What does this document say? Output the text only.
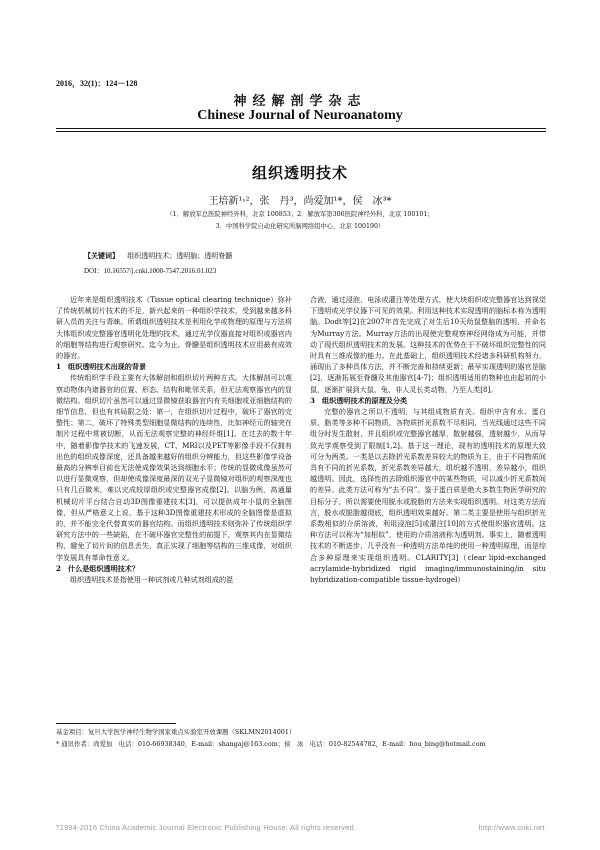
2016，32(1)：124－128
神经解剖学杂志
Chinese Journal of Neuroanatomy
组织透明技术
王培新¹˒²，张　丹³，尚爱加¹*，侯　冰³*
（1．解放军总医院神经外科，北京 100853；2．解放军第306医院神经外科，北京 100101；
3．中国科学院自动化研究所脑网络组中心，北京 100190）
【关键词】 组织透明技术；透明脑；透明脊髓
DOI：10.16557/j.cnki.1000-7547.2016.01.023

近年来是组织透明技术（Tissue optical clearing technique）弥补了传统机械切片技术的不足，新兴起来的一种组织学技术，受到越来越多科研人员的关注与青睐。所谓组织透明技术是利用化学或物理的原理与方法将大体组织或完整器官透明化处理的技术，通过光学仪器直接对组织或器官内的细胞等结构进行观察研究。迄今为止，脊髓是组织透明技术应用最有成效的器官。

1　组织透明技术出现的背景

传统组织学手段主要有大体解剖和组织切片两种方式。大体解剖可以观察动物体内诸器官的位置、形态、结构和毗邻关系，但无法观察器官内的显微结构。组织切片虽然可以通过显微镜获取器官内有关细胞或亚细胞结构的细节信息，但也有其局限之处：第一，在组织切片过程中，破坏了器官的完整性；第二，破坏了特殊类型细胞显微结构的连续性，比如神经元的轴突在制片过程中常被切断，从而无法观察完整的神经纤维[1]。在过去的数十年中，随着影像学技术的飞速发展，CT、MRI以及PET等影像手段不仅拥有出色的组织成像深度，还具备越来越好的组织分辨能力，但这些影像学设备最高的分辨率目前也无法使成像效果达到细胞水平；传统的显微成像虽然可以进行显微观察，但却使成像深度最深的双光子显微镜对组织的观察深度也只有几百微米，难以完成较厚组织或完整器官成像[2]。以脑为例，高通量机械切片平台结合自动3D图像重建技术[3]，可以提供成年小鼠的全脑图像，但从严格意义上说，基于这种3D图像重建技术形成的全脑图像是虚拟的，并不能完全代替真实的器官结构。而组织透明技术则弥补了传统组织学研究方法中的一些缺陷，在不破坏器官完整性的前提下，观察其内在显微结构，避免了切片间的信息丢失，真正实现了细胞等结构的三维成像，对组织学发展具有革命性意义。

2　什么是组织透明技术？

组织透明技术是指使用一种试剂或几种试剂组成的混

合液，通过浸泡、电泳或灌注等处理方式，使大块组织或完整器官达到视觉下透明或光学仪器下可见的效果。利用这种技术实现透明的脑标本称为透明脑。Dodt等[2]在2007年首先完成了对生后10天幼鼠整脑的透明，并命名为Murray方法。Murray方法的出现使完整观察神经网络成为可能，并带动了现代组织透明技术的发展。这种技术的优势在于不破坏组织完整性的同时具有三维成像的能力。在此基础上，组织透明技术经诸多科研机构努力，涌现出了多种具体方法，并不断完善和持续更新；最早实现透明的器官是脑[2]，逐渐拓展至脊髓及其他器官[4-7]；组织透明适用的物种也由起初的小鼠，逐渐扩展到大鼠、兔、非人灵长类动物，乃至人类[8]。

3　组织透明技术的原理及分类

完整的器官之所以不透明，与其组成物质有关。组织中含有水、蛋白质、脂类等多种不同物质，各物质折光系数不尽相同，当光线通过这些不同组分时发生散射，并且组织或完整器官越厚，散射越强，透射越少，从而导致光学观察受到了限制[1,2]。基于这一理论，现有的透明技术的原理大致可分为两类。一类是以去除折光系数差异较大的物质为主，由于不同物质间具有不同的折光系数，折光系数差异越大，组织越不透明，差异越小，组织越透明。因此，选择性的去除组织器官中的某些物质，可以减少折光系数间的差异。此类方法可称为“去不同”。鉴于蛋白质是绝大多数生物医学研究的目标分子，所以需要使用脱水或脱脂的方法来实现组织透明。对这类方法而言，脱水或脱脂越彻底，组织透明效果越好。第二类主要是使用与组织折光系数相似的介质溶液，利用浸泡[5]或灌注[10]的方式使组织器官透明。这种方法可以称为“加相似”，使用的介质溶液称为透明剂。事实上，随着透明技术的不断进步，几乎没有一种透明方法单纯的使用一种透明原理，而是综合多种原理来实现组织透明。CLARITY[3]（clear lipid-exchanged acrylamide-hybridized rigid imaging/immunostaining/in situ hybridization-compatible tissue-hydrogel）

基金项目：复旦大学医学神经生物学国家重点实验室开放课题（SKLMN2014001）
* 通讯作者：尚爱加　电话：010-66938340，E-mail：shangaj@163.com；侯　冰　电话：010-82544782，E-mail：hou_bing@hotmail.com
?1994-2016 China Academic Journal Electronic Publishing House. All rights reserved.	http://www.cnki.net
